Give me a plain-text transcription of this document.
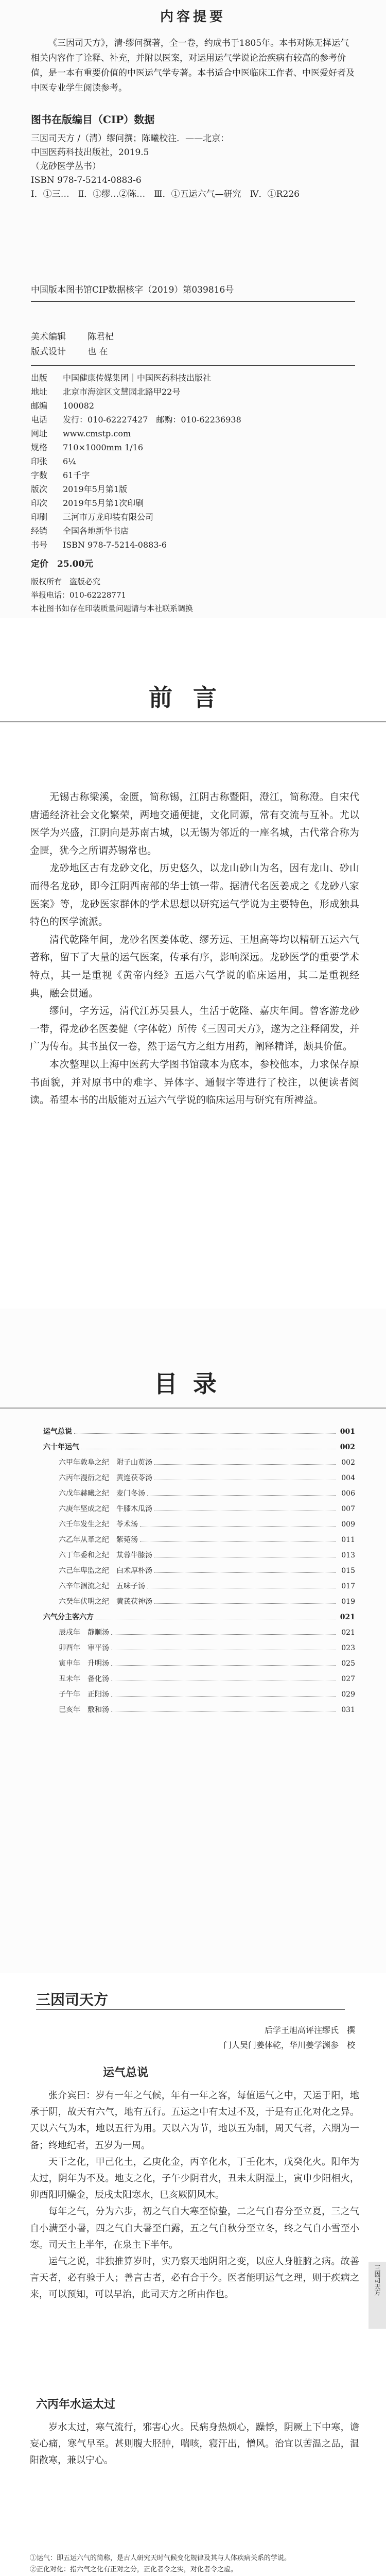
内容提要
《三因司天方》，清·缪问撰著，全一卷，约成书于1805年。本书对陈无择运气相关内容作了诠释、补充，并附以医案，对运用运气学说论治疾病有较高的参考价值，是一本有重要价值的中医运气学专著。本书适合中医临床工作者、中医爱好者及中医专业学生阅读参考。
图书在版编目（CIP）数据
三因司天方 /（清）缪问撰；陈曦校注．——北京：
中国医药科技出版社，2019.5
（龙砂医学丛书）
ISBN 978-7-5214-0883-6
Ⅰ．①三…　Ⅱ．①缪…②陈…　Ⅲ．①五运六气—研究　Ⅳ．①R226
中国版本图书馆CIP数据核字（2019）第039816号
美术编辑	陈君杞
版式设计	也 在
出版	中国健康传媒集团｜中国医药科技出版社
地址	北京市海淀区文慧园北路甲22号
邮编	100082
电话	发行：010-62227427　邮购：010-62236938
网址	www.cmstp.com
规格	710×1000mm 1/16
印张	6¼
字数	61千字
版次	2019年5月第1版
印次	2019年5月第1次印刷
印刷	三河市万龙印装有限公司
经销	全国各地新华书店
书号	ISBN 978-7-5214-0883-6
定价　25.00元
版权所有　盗版必究
举报电话：010-62228771
本社图书如存在印装质量问题请与本社联系调换
前言

无锡古称梁溪，金匮，简称锡，江阴古称暨阳，澄江，简称澄。自宋代唐通经济社会文化繁荣，两地交通便捷，文化同源，常有交流与互补。尤以医学为兴盛，江阴向是苏南古城，以无锡为邻近的一座名城，古代常合称为金匮，犹今之所谓苏锡常也。

龙砂地区古有龙砂文化，历史悠久，以龙山砂山为名，因有龙山、砂山而得名龙砂，即今江阴西南部的华士镇一带。据清代名医姜成之《龙砂八家医案》等，龙砂医家群体的学术思想以研究运气学说为主要特色，形成独具特色的医学流派。

清代乾隆年间，龙砂名医姜体乾、缪芳远、王旭高等均以精研五运六气著称，留下了大量的运气医案，传承有序，影响深远。龙砂医学的重要学术特点，其一是重视《黄帝内经》五运六气学说的临床运用，其二是重视经典，融会贯通。

缪问，字芳远，清代江苏吴县人，生活于乾隆、嘉庆年间。曾客游龙砂一带，得龙砂名医姜健（字体乾）所传《三因司天方》，遂为之注释阐发，并广为传布。其书虽仅一卷，然于运气方之组方用药，阐释精详，颇具价值。

本次整理以上海中医药大学图书馆藏本为底本，参校他本，力求保存原书面貌，并对原书中的难字、异体字、通假字等进行了校注，以便读者阅读。希望本书的出版能对五运六气学说的临床运用与研究有所裨益。

目录
运气总说	001
六十年运气	002
六甲年敦阜之纪　附子山萸汤	002
六丙年漫衍之纪　黄连茯苓汤	004
六戊年赫曦之纪　麦门冬汤	006
六庚年坚成之纪　牛膝木瓜汤	007
六壬年发生之纪　苓术汤	009
六乙年从革之纪　紫菀汤	011
六丁年委和之纪　苁蓉牛膝汤	013
六己年卑监之纪　白术厚朴汤	015
六辛年涸流之纪　五味子汤	017
六癸年伏明之纪　黄芪茯神汤	019
六气分主客六方	021
辰戌年　静顺汤	021
卯酉年　审平汤	023
寅申年　升明汤	025
丑未年　备化汤	027
子午年　正阳汤	029
巳亥年　敷和汤	031
三因司天方
后学王旭高评注缪氏　撰
门人吴门姜体乾，华川姜学渊参　校
运气总说

张介宾曰：岁有一年之气候，年有一年之客，每值运气之中，天运于阳，地承于阴，故天有六气，地有五行。五运之中有太过不及，于是有正化对化之异。天以六气为本，地以五行为用。天以六为节，地以五为制，周天气者，六期为一备；终地纪者，五岁为一周。

天干之化，甲己化土，乙庚化金，丙辛化水，丁壬化木，戊癸化火。阳年为太过，阴年为不及。地支之化，子午少阴君火，丑未太阴湿土，寅申少阳相火，卯酉阳明燥金，辰戌太阳寒水，巳亥厥阴风木。

每年之气，分为六步，初之气自大寒至惊蛰，二之气自春分至立夏，三之气自小满至小暑，四之气自大暑至白露，五之气自秋分至立冬，终之气自小雪至小寒。司天主上半年，在泉主下半年。

运气之说，非独推算岁时，实乃察天地阴阳之变，以应人身脏腑之病。故善言天者，必有验于人；善言古者，必有合于今。医者能明运气之理，则于疾病之来，可以预知，可以早治，此司天方之所由作也。

六丙年水运太过

岁水太过，寒气流行，邪害心火。民病身热烦心，躁悸，阴厥上下中寒，谵妄心痛，寒气早至。甚则腹大胫肿，喘咳，寝汗出，憎风。治宜以苦温之品，温阳散寒，兼以宁心。

①运气：即五运六气的简称，是古人研究天时气候变化规律及其与人体疾病关系的学说。
②正化对化：指六气之化有正对之分，正化者令之实，对化者令之虚。
三因司天方
